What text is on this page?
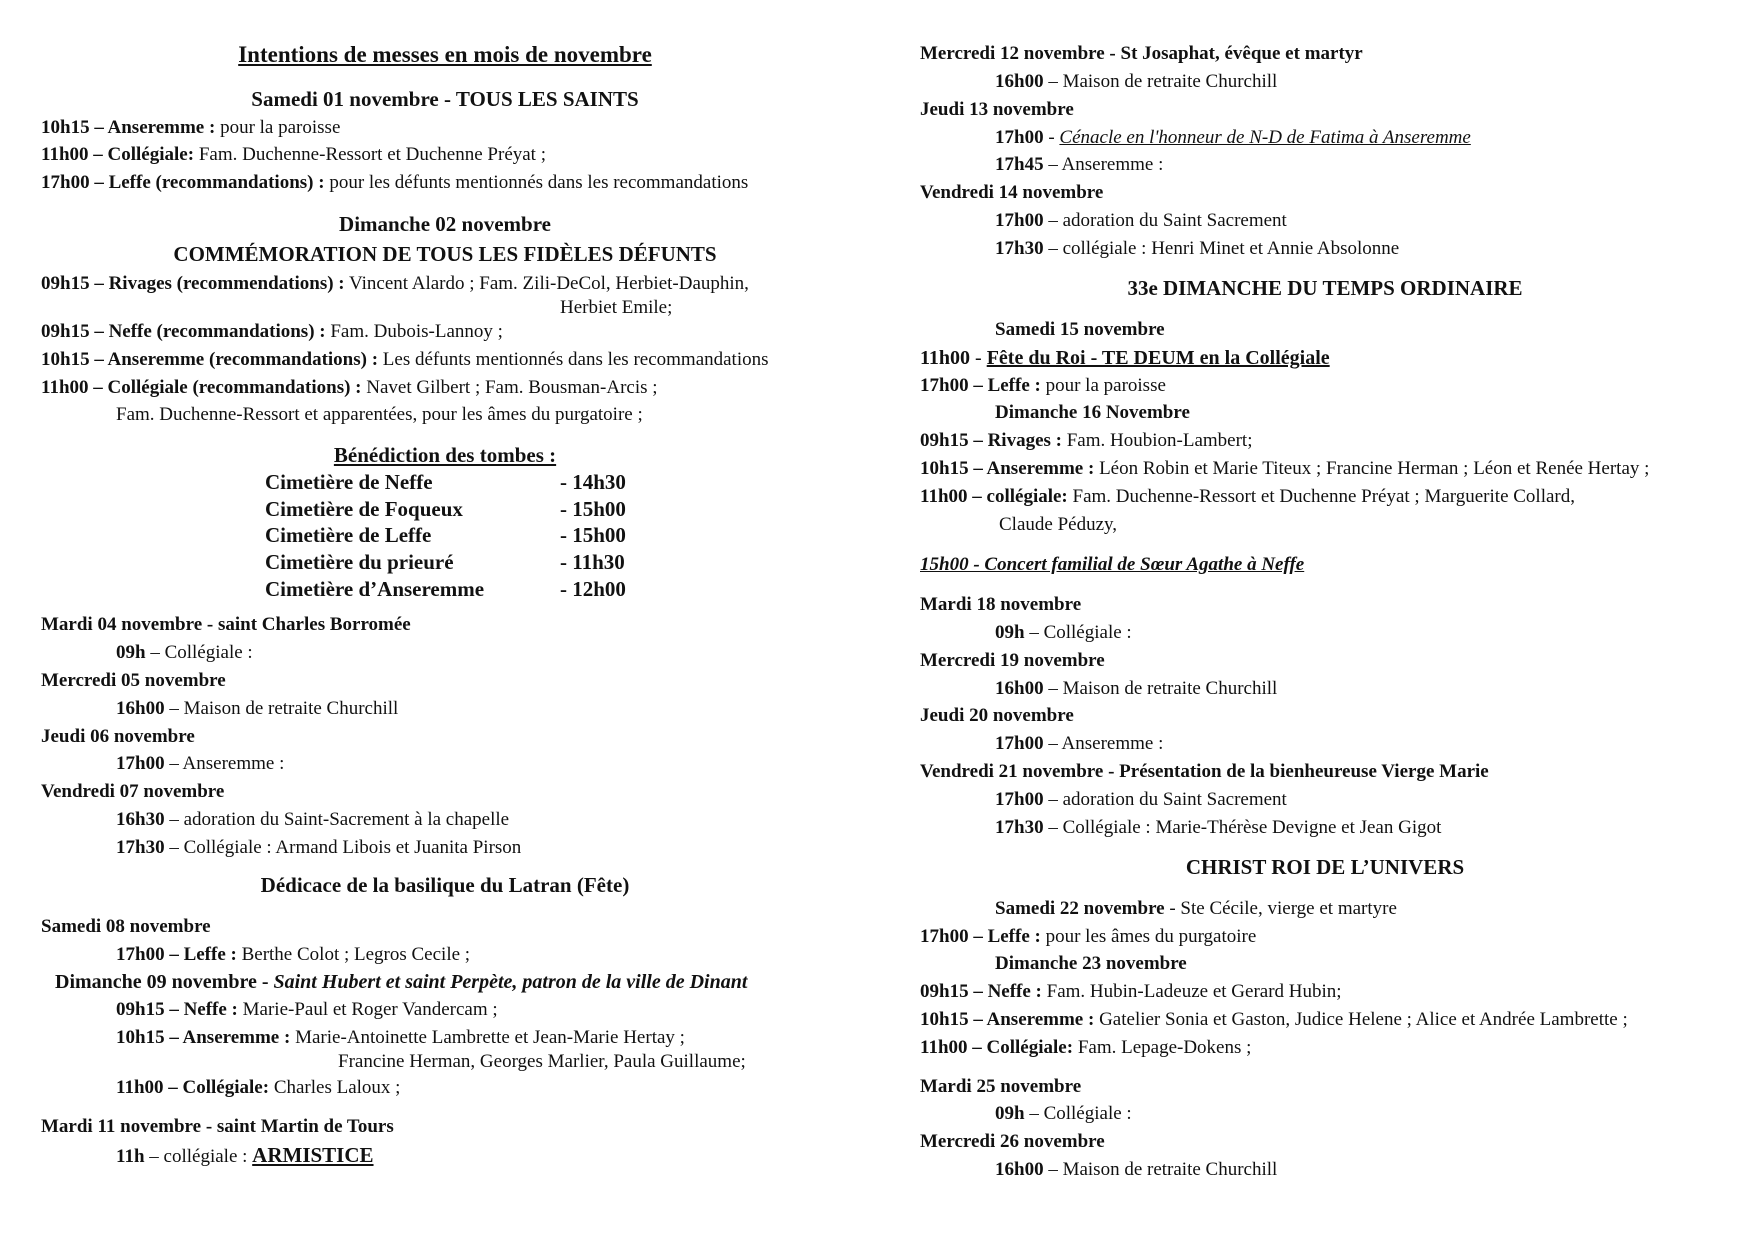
Intentions de messes en mois de novembre
Samedi 01 novembre - TOUS LES SAINTS
10h15 – Anseremme : pour la paroisse
11h00 – Collégiale: Fam. Duchenne-Ressort et Duchenne Préyat ;
17h00 – Leffe (recommandations) : pour les défunts mentionnés dans les recommandations
Dimanche 02 novembre
COMMÉMORATION DE TOUS LES FIDÈLES DÉFUNTS
09h15 – Rivages (recommendations) : Vincent Alardo ; Fam. Zili-DeCol, Herbiet-Dauphin,
Herbiet Emile;
09h15 – Neffe (recommandations) : Fam. Dubois-Lannoy ;
10h15 – Anseremme (recommandations) : Les défunts mentionnés dans les recommandations
11h00 – Collégiale (recommandations) : Navet Gilbert ; Fam. Bousman-Arcis ;
Fam. Duchenne-Ressort et apparentées, pour les âmes du purgatoire ;
Bénédiction des tombes :
Cimetière de Neffe	- 14h30
Cimetière de Foqueux	- 15h00
Cimetière de Leffe	- 15h00
Cimetière du prieuré	- 11h30
Cimetière d’Anseremme	- 12h00
Mardi 04 novembre - saint Charles Borromée
09h – Collégiale :
Mercredi 05 novembre
16h00 – Maison de retraite Churchill
Jeudi 06 novembre
17h00 – Anseremme :
Vendredi 07 novembre
16h30 – adoration du Saint-Sacrement à la chapelle
17h30 – Collégiale : Armand Libois et Juanita Pirson
Dédicace de la basilique du Latran (Fête)
Samedi 08 novembre
17h00 – Leffe : Berthe Colot ; Legros Cecile ;
Dimanche 09 novembre - Saint Hubert et saint Perpète, patron de la ville de Dinant
09h15 – Neffe : Marie-Paul et Roger Vandercam ;
10h15 – Anseremme : Marie-Antoinette Lambrette et Jean-Marie Hertay ;
Francine Herman, Georges Marlier, Paula Guillaume;
11h00 – Collégiale: Charles Laloux ;
Mardi 11 novembre - saint Martin de Tours
11h – collégiale : ARMISTICE
Mercredi 12 novembre - St Josaphat, évêque et martyr
16h00 – Maison de retraite Churchill
Jeudi 13 novembre
17h00 - Cénacle en l'honneur de N-D de Fatima à Anseremme
17h45 – Anseremme :
Vendredi 14 novembre
17h00 – adoration du Saint Sacrement
17h30 – collégiale : Henri Minet et Annie Absolonne
33e DIMANCHE DU TEMPS ORDINAIRE
Samedi 15 novembre
11h00 - Fête du Roi - TE DEUM en la Collégiale
17h00 – Leffe : pour la paroisse
Dimanche 16 Novembre
09h15 – Rivages : Fam. Houbion-Lambert;
10h15 – Anseremme : Léon Robin et Marie Titeux ; Francine Herman ; Léon et Renée Hertay ;
11h00 – collégiale: Fam. Duchenne-Ressort et Duchenne Préyat ; Marguerite Collard,
Claude Péduzy,
15h00 - Concert familial de Sœur Agathe à Neffe
Mardi 18 novembre
09h – Collégiale :
Mercredi 19 novembre
16h00 – Maison de retraite Churchill
Jeudi 20 novembre
17h00 – Anseremme :
Vendredi 21 novembre - Présentation de la bienheureuse Vierge Marie
17h00 – adoration du Saint Sacrement
17h30 – Collégiale : Marie-Thérèse Devigne et Jean Gigot
CHRIST ROI DE L’UNIVERS
Samedi 22 novembre - Ste Cécile, vierge et martyre
17h00 – Leffe : pour les âmes du purgatoire
Dimanche 23 novembre
09h15 – Neffe : Fam. Hubin-Ladeuze et Gerard Hubin;
10h15 – Anseremme : Gatelier Sonia et Gaston, Judice Helene ; Alice et Andrée Lambrette ;
11h00 – Collégiale: Fam. Lepage-Dokens ;
Mardi 25 novembre
09h – Collégiale :
Mercredi 26 novembre
16h00 – Maison de retraite Churchill
